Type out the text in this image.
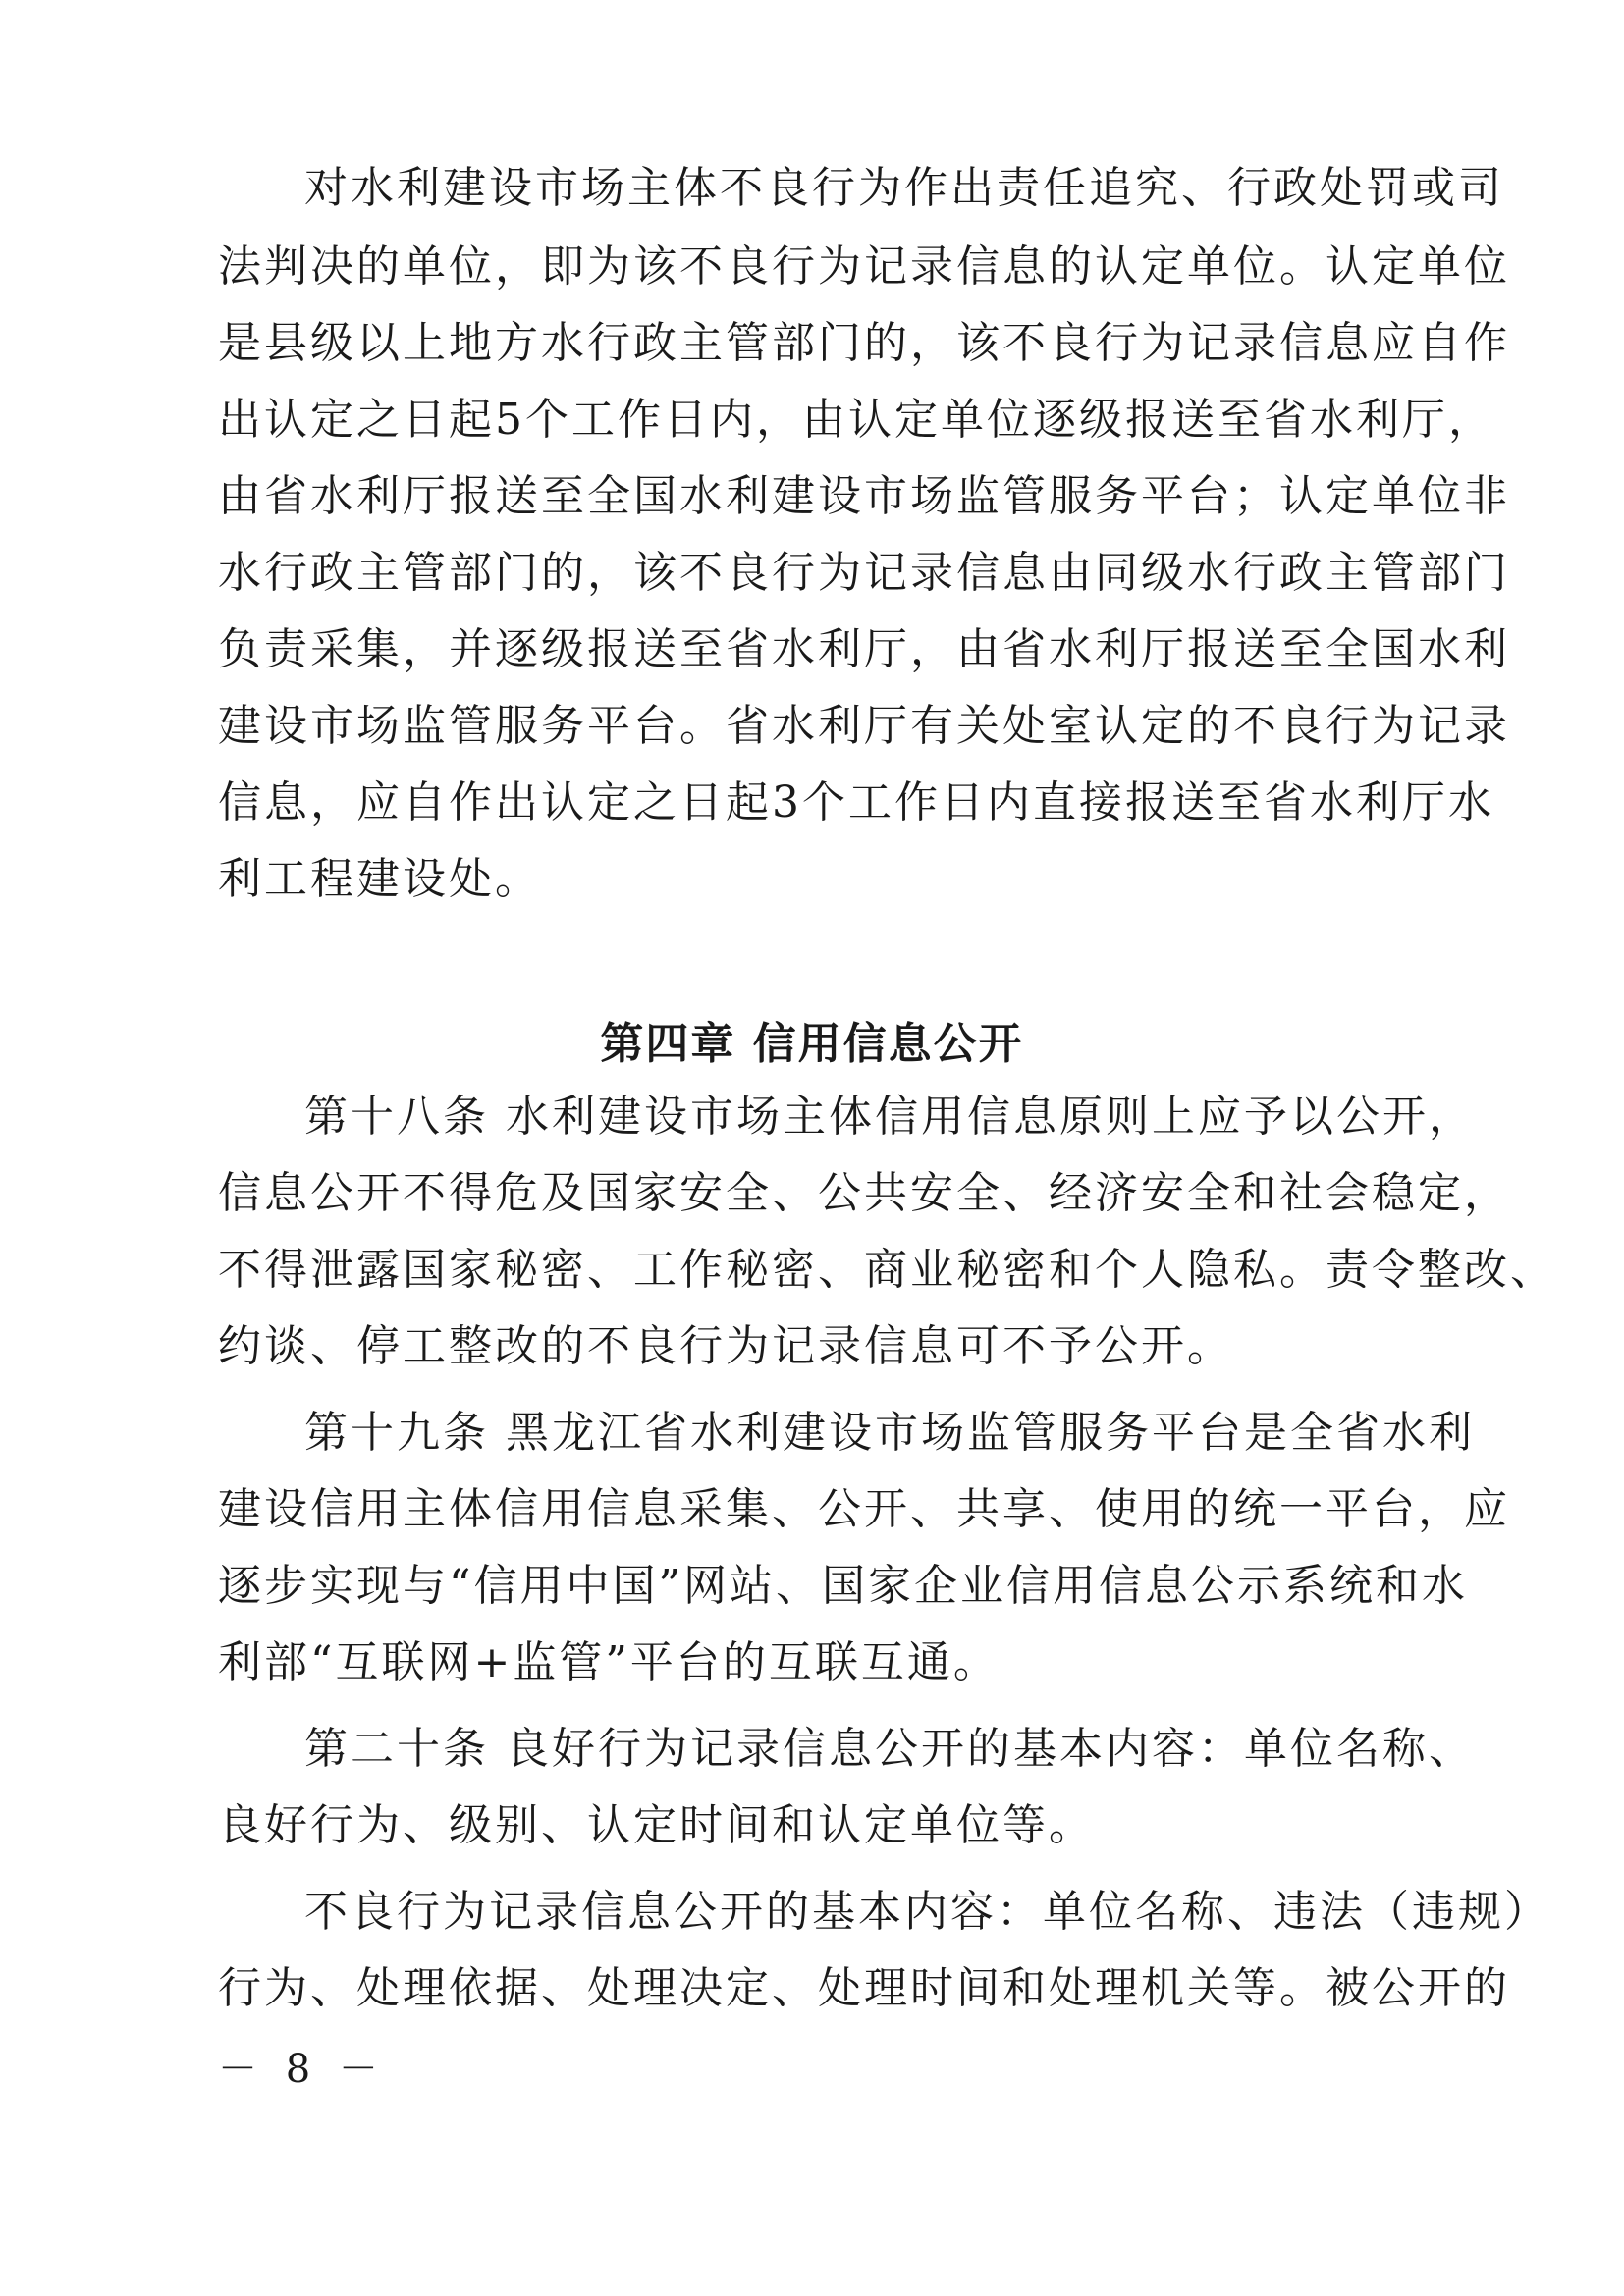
对水利建设市场主体不良行为作出责任追究、行政处罚或司
法判决的单位，即为该不良行为记录信息的认定单位。认定单位
是县级以上地方水行政主管部门的，该不良行为记录信息应自作
出认定之日起5个工作日内，由认定单位逐级报送至省水利厅，
由省水利厅报送至全国水利建设市场监管服务平台；认定单位非
水行政主管部门的，该不良行为记录信息由同级水行政主管部门
负责采集，并逐级报送至省水利厅，由省水利厅报送至全国水利
建设市场监管服务平台。省水利厅有关处室认定的不良行为记录
信息，应自作出认定之日起3个工作日内直接报送至省水利厅水
利工程建设处。
第四章 信用信息公开
第十八条 水利建设市场主体信用信息原则上应予以公开，
信息公开不得危及国家安全、公共安全、经济安全和社会稳定，
不得泄露国家秘密、工作秘密、商业秘密和个人隐私。责令整改、
约谈、停工整改的不良行为记录信息可不予公开。
第十九条 黑龙江省水利建设市场监管服务平台是全省水利
建设信用主体信用信息采集、公开、共享、使用的统一平台，应
逐步实现与“信用中国”网站、国家企业信用信息公示系统和水
利部“互联网+监管”平台的互联互通。
第二十条 良好行为记录信息公开的基本内容：单位名称、
良好行为、级别、认定时间和认定单位等。
不良行为记录信息公开的基本内容：单位名称、违法（违规）
行为、处理依据、处理决定、处理时间和处理机关等。被公开的
－ 8 －
